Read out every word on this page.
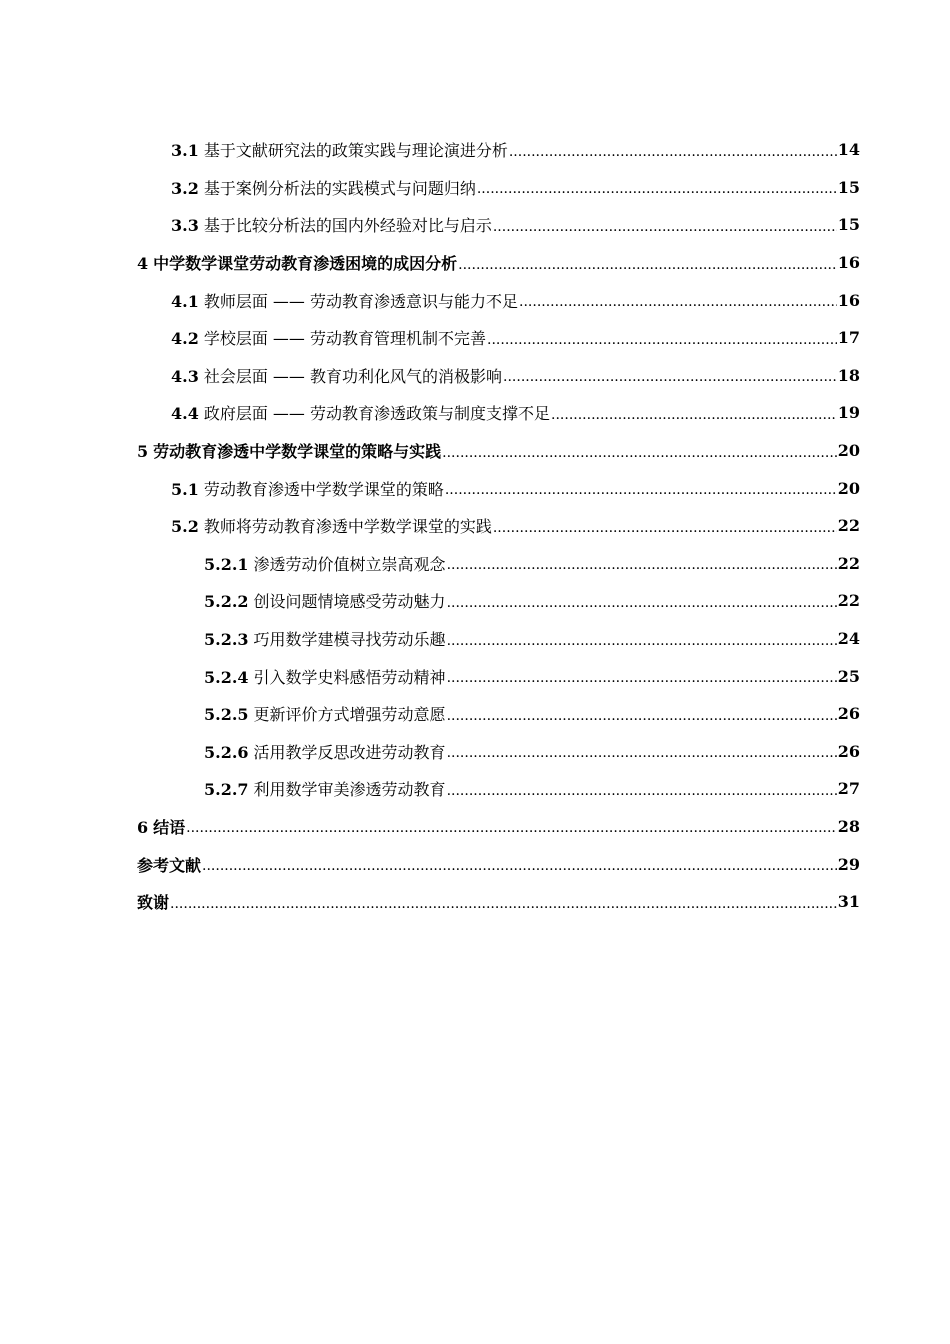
3.1 基于文献研究法的政策实践与理论演进分析 .....	14
3.2 基于案例分析法的实践模式与问题归纳 .....	15
3.3 基于比较分析法的国内外经验对比与启示 .....	15
4 中学数学课堂劳动教育渗透困境的成因分析 .....	16
4.1 教师层面 —— 劳动教育渗透意识与能力不足 .....	16
4.2 学校层面 —— 劳动教育管理机制不完善 .....	17
4.3 社会层面 —— 教育功利化风气的消极影响 .....	18
4.4 政府层面 —— 劳动教育渗透政策与制度支撑不足 .....	19
5 劳动教育渗透中学数学课堂的策略与实践 .....	20
5.1 劳动教育渗透中学数学课堂的策略 .....	20
5.2 教师将劳动教育渗透中学数学课堂的实践 .....	22
5.2.1 渗透劳动价值树立崇高观念 .....	22
5.2.2 创设问题情境感受劳动魅力 .....	22
5.2.3 巧用数学建模寻找劳动乐趣 .....	24
5.2.4 引入数学史料感悟劳动精神 .....	25
5.2.5 更新评价方式增强劳动意愿 .....	26
5.2.6 活用教学反思改进劳动教育 .....	26
5.2.7 利用数学审美渗透劳动教育 .....	27
6 结语 .....	28
参考文献 .....	29
致谢 .....	31
